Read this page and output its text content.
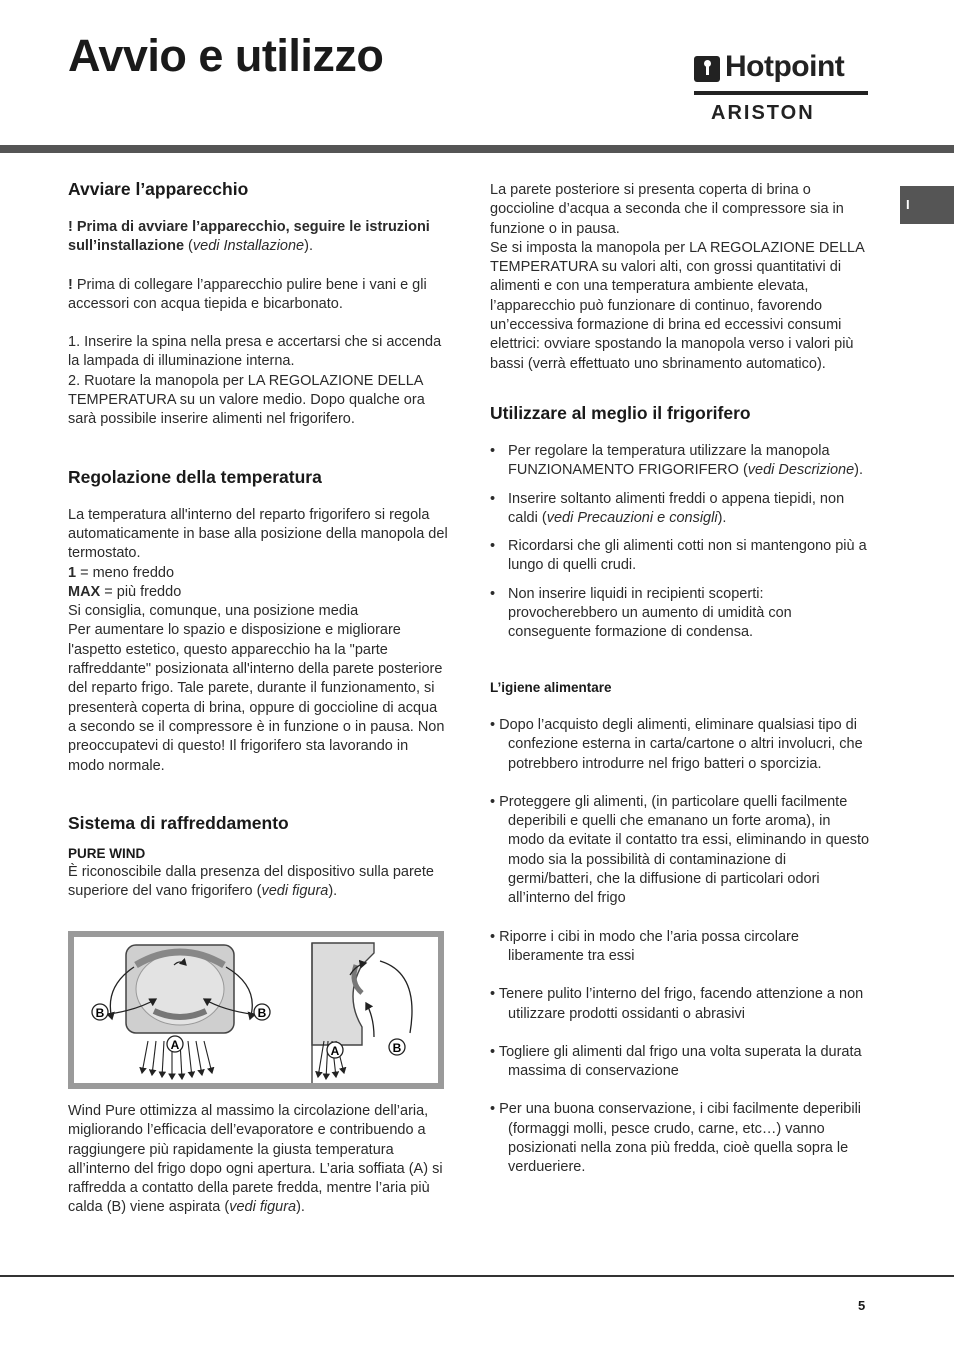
Avvio e utilizzo	Hotpoint
ARISTON
I
Avviare l’apparecchio

! Prima di avviare l’apparecchio, seguire le istruzioni sull’installazione (vedi Installazione).

! Prima di collegare l’apparecchio pulire bene i vani e gli accessori con acqua tiepida e bicarbonato.

1. Inserire la spina nella presa e accertarsi che si accenda la lampada di illuminazione interna.

2. Ruotare la manopola per LA REGOLAZIONE DELLA TEMPERATURA su un valore medio. Dopo qualche ora sarà possibile inserire alimenti nel frigorifero.

Regolazione della temperatura

La temperatura all'interno del reparto frigorifero si regola automaticamente in base alla posizione della manopola del termostato.

1 = meno freddo

MAX = più freddo

Si consiglia, comunque, una posizione media

Per aumentare lo spazio e disposizione e migliorare l'aspetto estetico, questo apparecchio ha la "parte raffreddante" posizionata all'interno della parete posteriore del reparto frigo. Tale parete, durante il funzionamento, si presenterà coperta di brina, oppure di goccioline di acqua a secondo se il compressore è in funzione o in pausa. Non preoccupatevi di questo! Il frigorifero sta lavorando in modo normale.

Sistema di raffreddamento

PURE WIND

È riconoscibile dalla presenza del dispositivo sulla parete superiore del vano frigorifero (vedi figura).

B	B
A	A	B

Wind Pure ottimizza al massimo la circolazione dell’aria, migliorando l’efficacia dell’evaporatore e contribuendo a raggiungere più rapidamente la giusta temperatura all’interno del frigo dopo ogni apertura. L’aria soffiata (A) si raffredda a contatto della parete fredda, mentre l’aria più calda (B) viene aspirata (vedi figura).

La parete posteriore si presenta coperta di brina o goccioline d’acqua a seconda che il compressore sia in funzione o in pausa.

Se si imposta la manopola per LA REGOLAZIONE DELLA TEMPERATURA su valori alti, con grossi quantitativi di alimenti e con una temperatura ambiente elevata, l’apparecchio può funzionare di continuo, favorendo un’eccessiva formazione di brina ed eccessivi consumi elettrici: ovviare spostando la manopola verso i valori più bassi (verrà effettuato uno sbrinamento automatico).

Utilizzare al meglio il frigorifero
• Per regolare la temperatura utilizzare la manopola FUNZIONAMENTO FRIGORIFERO (vedi Descrizione).
• Inserire soltanto alimenti freddi o appena tiepidi, non caldi (vedi Precauzioni e consigli).
• Ricordarsi che gli alimenti cotti non si mantengono più a lungo di quelli crudi.
• Non inserire liquidi in recipienti scoperti: provocherebbero un aumento di umidità con conseguente formazione di condensa.

L’igiene alimentare

• Dopo l’acquisto degli alimenti, eliminare qualsiasi tipo di confezione esterna in carta/cartone o altri involucri, che potrebbero introdurre nel frigo batteri o sporcizia.

• Proteggere gli alimenti, (in particolare quelli facilmente deperibili e quelli che emanano un forte aroma), in modo da evitate il contatto tra essi, eliminando in questo modo sia la possibilità di contaminazione di germi/batteri, che la diffusione di particolari odori all’interno del frigo

• Riporre i cibi in modo che l’aria possa circolare liberamente tra essi

• Tenere pulito l’interno del frigo, facendo attenzione a non utilizzare prodotti ossidanti o abrasivi

• Togliere gli alimenti dal frigo una volta superata la durata massima di conservazione

• Per una buona conservazione, i cibi facilmente deperibili (formaggi molli, pesce crudo, carne, etc…) vanno posizionati nella zona più fredda, cioè quella sopra le verdueriere.

5
